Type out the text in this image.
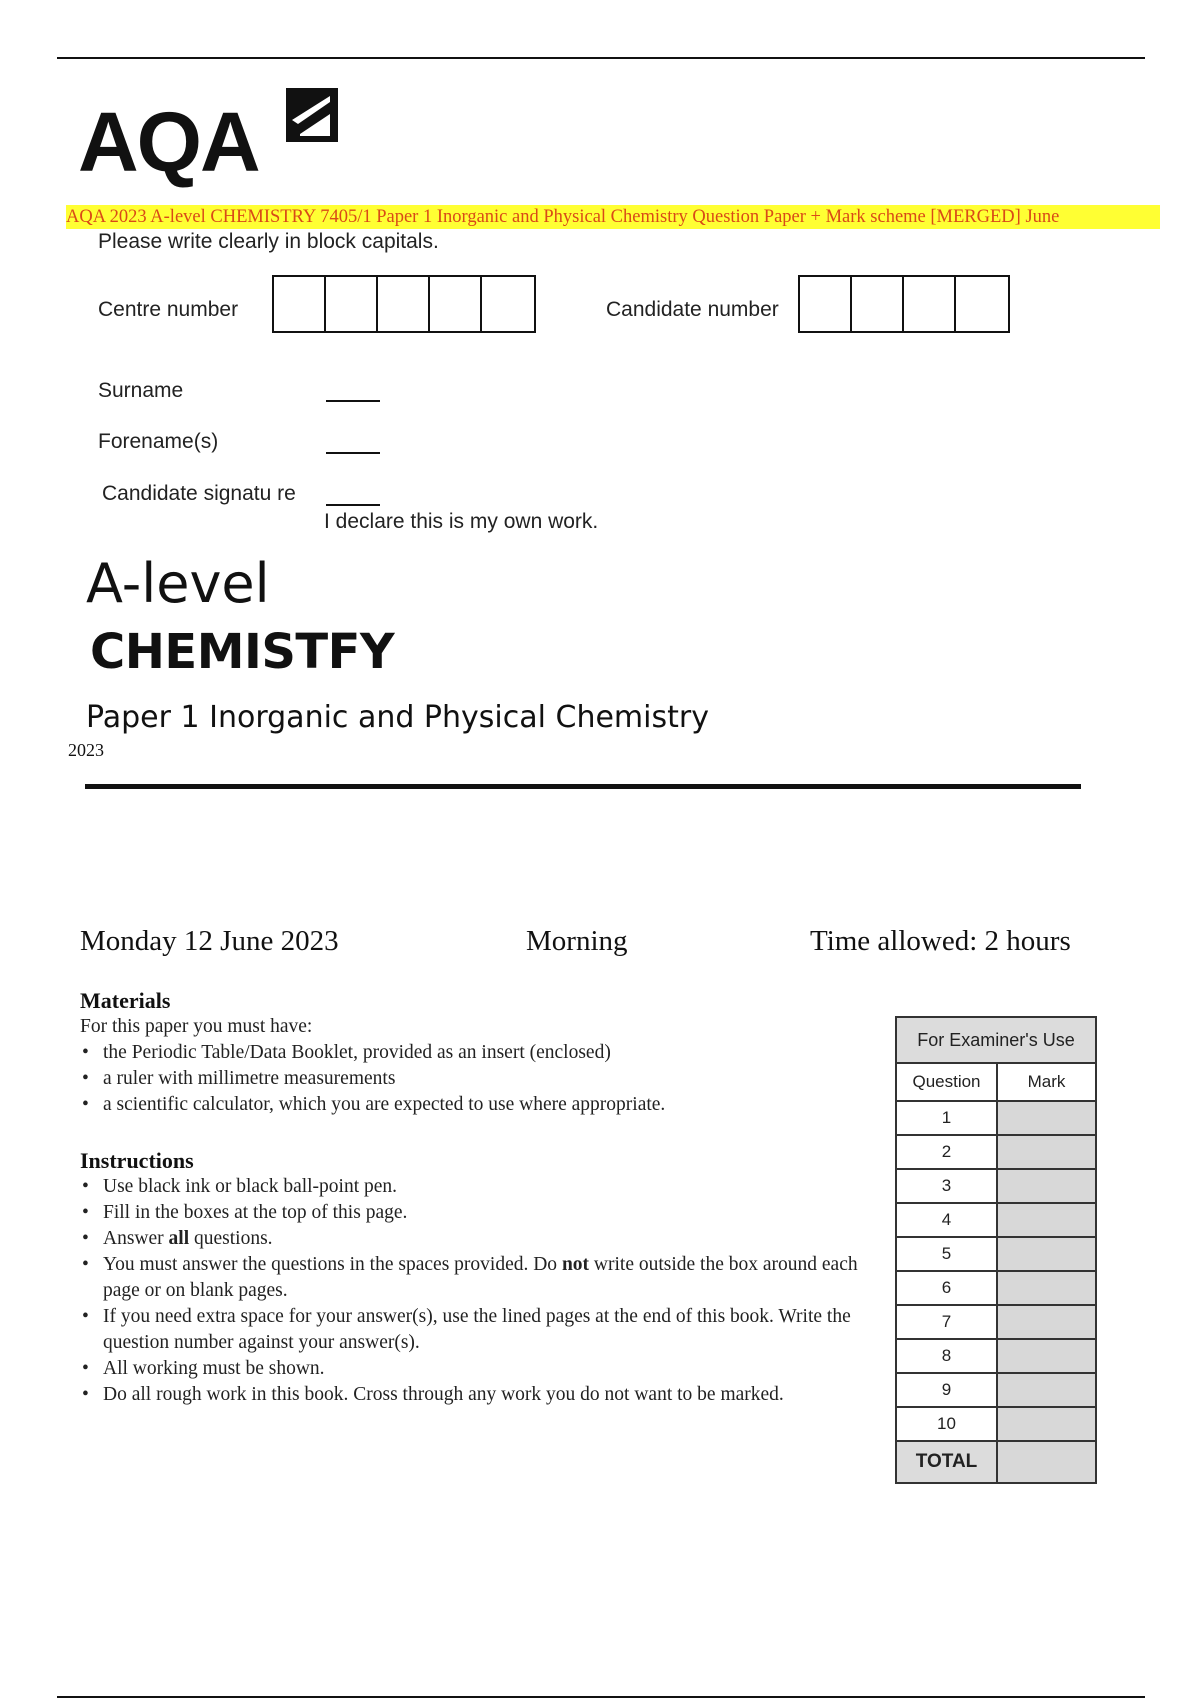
AQA
AQA 2023 A-level CHEMISTRY 7405/1 Paper 1 Inorganic and Physical Chemistry Question Paper + Mark scheme [MERGED] June
Please write clearly in block capitals.
Centre number	Candidate number
Surname
Forename(s)
Candidate signatu re
I declare this is my own work.
A-level
CHEMISTFY
Paper 1 Inorganic and Physical Chemistry
2023
Monday 12 June 2023	Morning	Time allowed: 2 hours
Materials
For this paper you must have:
• the Periodic Table/Data Booklet, provided as an insert (enclosed)
• a ruler with millimetre measurements
• a scientific calculator, which you are expected to use where appropriate.
Instructions
• Use black ink or black ball-point pen.
• Fill in the boxes at the top of this page.
• Answer all questions.
• You must answer the questions in the spaces provided. Do not write outside the box around each page or on blank pages.
• If you need extra space for your answer(s), use the lined pages at the end of this book. Write the question number against your answer(s).
• All working must be shown.
• Do all rough work in this book. Cross through any work you do not want to be marked.
For Examiner's Use	
Question	Mark
1	
2	
3	
4	
5	
6	
7	
8	
9	
10	
TOTAL	
